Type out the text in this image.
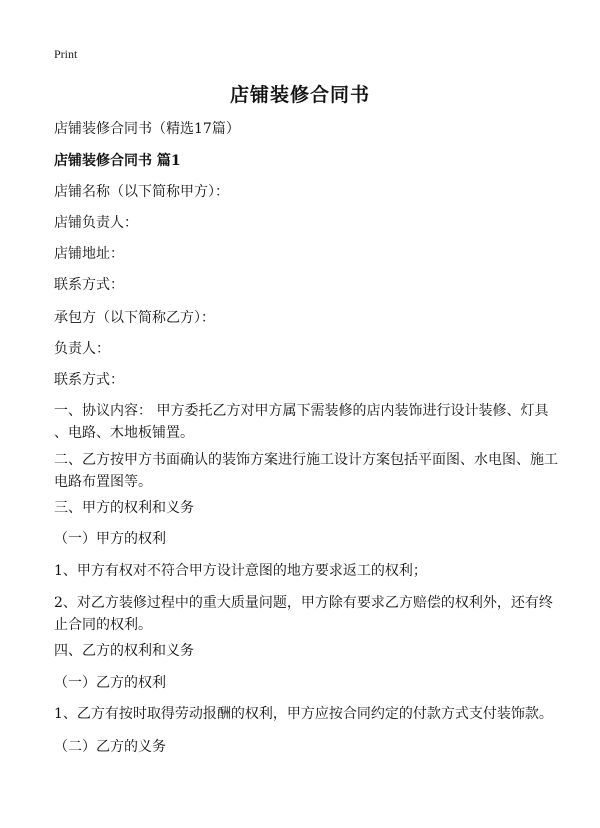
Print
店铺装修合同书
店铺装修合同书（精选17篇）
店铺装修合同书 篇1
店铺名称（以下简称甲方）：
店铺负责人：
店铺地址：
联系方式：
承包方（以下简称乙方）：
负责人：
联系方式：
一、协议内容： 甲方委托乙方对甲方属下需装修的店内装饰进行设计装修、灯具
、电路、木地板铺置。
二、乙方按甲方书面确认的装饰方案进行施工设计方案包括平面图、水电图、施工
电路布置图等。
三、甲方的权利和义务
（一）甲方的权利
1、甲方有权对不符合甲方设计意图的地方要求返工的权利；
2、对乙方装修过程中的重大质量问题，甲方除有要求乙方赔偿的权利外，还有终
止合同的权利。
四、乙方的权利和义务
（一）乙方的权利
1、乙方有按时取得劳动报酬的权利，甲方应按合同约定的付款方式支付装饰款。
（二）乙方的义务
